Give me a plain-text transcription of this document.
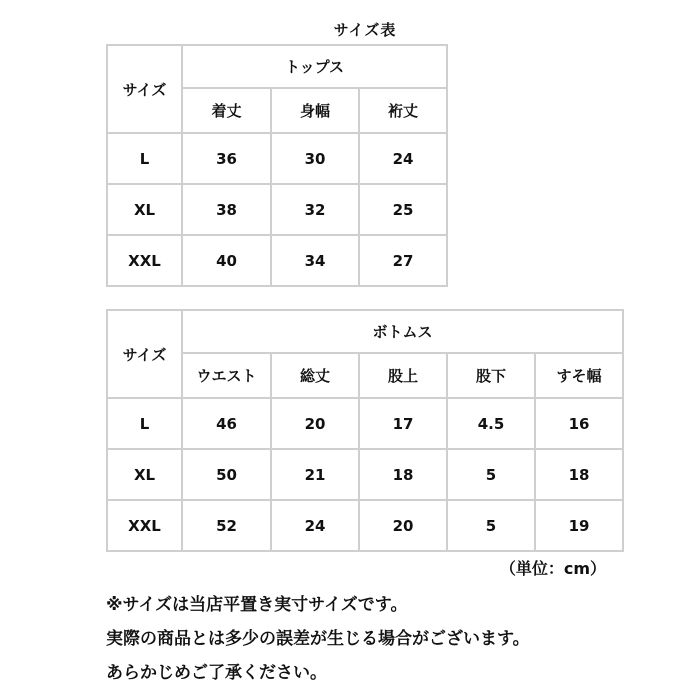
サイズ表
サイズ	トップス		
	着丈	身幅	裄丈
L	36	30	24
XL	38	32	25
XXL	40	34	27
サイズ	ボトムス				
	ウエスト	総丈	股上	股下	すそ幅
L	46	20	17	4.5	16
XL	50	21	18	5	18
XXL	52	24	20	5	19
（単位：cm）
※サイズは当店平置き実寸サイズです。
実際の商品とは多少の誤差が生じる場合がございます。
あらかじめご了承ください。
